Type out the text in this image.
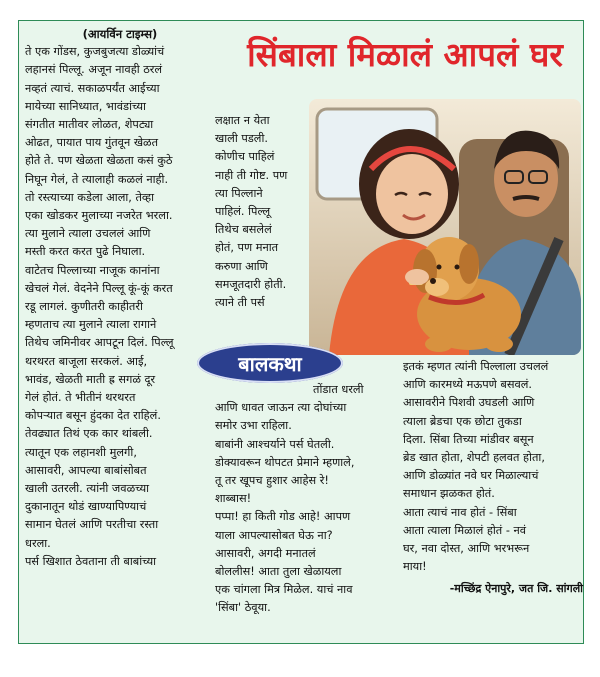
(आयर्विन टाइम्स)

ते एक गोंडस, कुजबुजत्या डोळ्यांचं

लहानसं पिल्लू. अजून नावही ठरलं

नव्हतं त्याचं. सकाळपर्यंत आईच्या

मायेच्या सानिध्यात, भावंडांच्या

संगतीत मातीवर लोळत, शेपट्या

ओढत, पायात पाय गुंतवून खेळत

होते ते. पण खेळता खेळता कसं कुठे

निघून गेलं, ते त्यालाही कळलं नाही.

तो रस्त्याच्या कडेला आला, तेव्हा

एका खोडकर मुलाच्या नजरेत भरला.

त्या मुलाने त्याला उचललं आणि

मस्ती करत करत पुढे निघाला.

वाटेतच पिल्लाच्या नाजूक कानांना

खेचलं गेलं. वेदनेने पिल्लू कूं-कूं करत

रडू लागलं. कुणीतरी काहीतरी

म्हणताच त्या मुलाने त्याला रागाने

तिथेच जमिनीवर आपटून दिलं. पिल्लू

थरथरत बाजूला सरकलं. आई,

भावंड, खेळती माती ह्र सगळं दूर

गेलं होतं. ते भीतीनं थरथरत

कोपऱ्यात बसून हुंदका देत राहिलं.

तेवढ्यात तिथं एक कार थांबली.

त्यातून एक लहानशी मुलगी,

आसावरी, आपल्या बाबांसोबत

खाली उतरली. त्यांनी जवळच्या

दुकानातून थोडं खाण्यापिण्याचं

सामान घेतलं आणि परतीचा रस्ता

धरला.

पर्स खिशात ठेवताना ती बाबांच्या

सिंबाला मिळालं आपलं घर

लक्षात न येता

खाली पडली.

कोणीच पाहिलं

नाही ती गोष्ट. पण

त्या पिल्लाने

पाहिलं. पिल्लू

तिथेच बसलेलं

होतं, पण मनात

करुणा आणि

समजूतदारी होती.

त्याने ती पर्स

बालकथा

तोंडात धरली

आणि धावत जाऊन त्या दोघांच्या

समोर उभा राहिला.

बाबांनी आश्चर्याने पर्स घेतली.

डोक्यावरून थोपटत प्रेमाने म्हणाले,

तू तर खूपच हुशार आहेस रे!

शाब्बास!

पप्पा! हा किती गोड आहे! आपण

याला आपल्यासोबत घेऊ ना?

आसावरी, अगदी मनातलं

बोललीस! आता तुला खेळायला

एक चांगला मित्र मिळेल. याचं नाव

'सिंबा' ठेवूया.

इतकं म्हणत त्यांनी पिल्लाला उचललं

आणि कारमध्ये मऊपणे बसवलं.

आसावरीने पिशवी उघडली आणि

त्याला ब्रेडचा एक छोटा तुकडा

दिला. सिंबा तिच्या मांडीवर बसून

ब्रेड खात होता, शेपटी हलवत होता,

आणि डोळ्यांत नवे घर मिळाल्याचं

समाधान झळकत होतं.

आता त्याचं नाव होतं - सिंबा

आता त्याला मिळालं होतं - नवं

घर, नवा दोस्त, आणि भरभरून

माया!

-मच्छिंद्र ऐनापुरे, जत जि. सांगली
